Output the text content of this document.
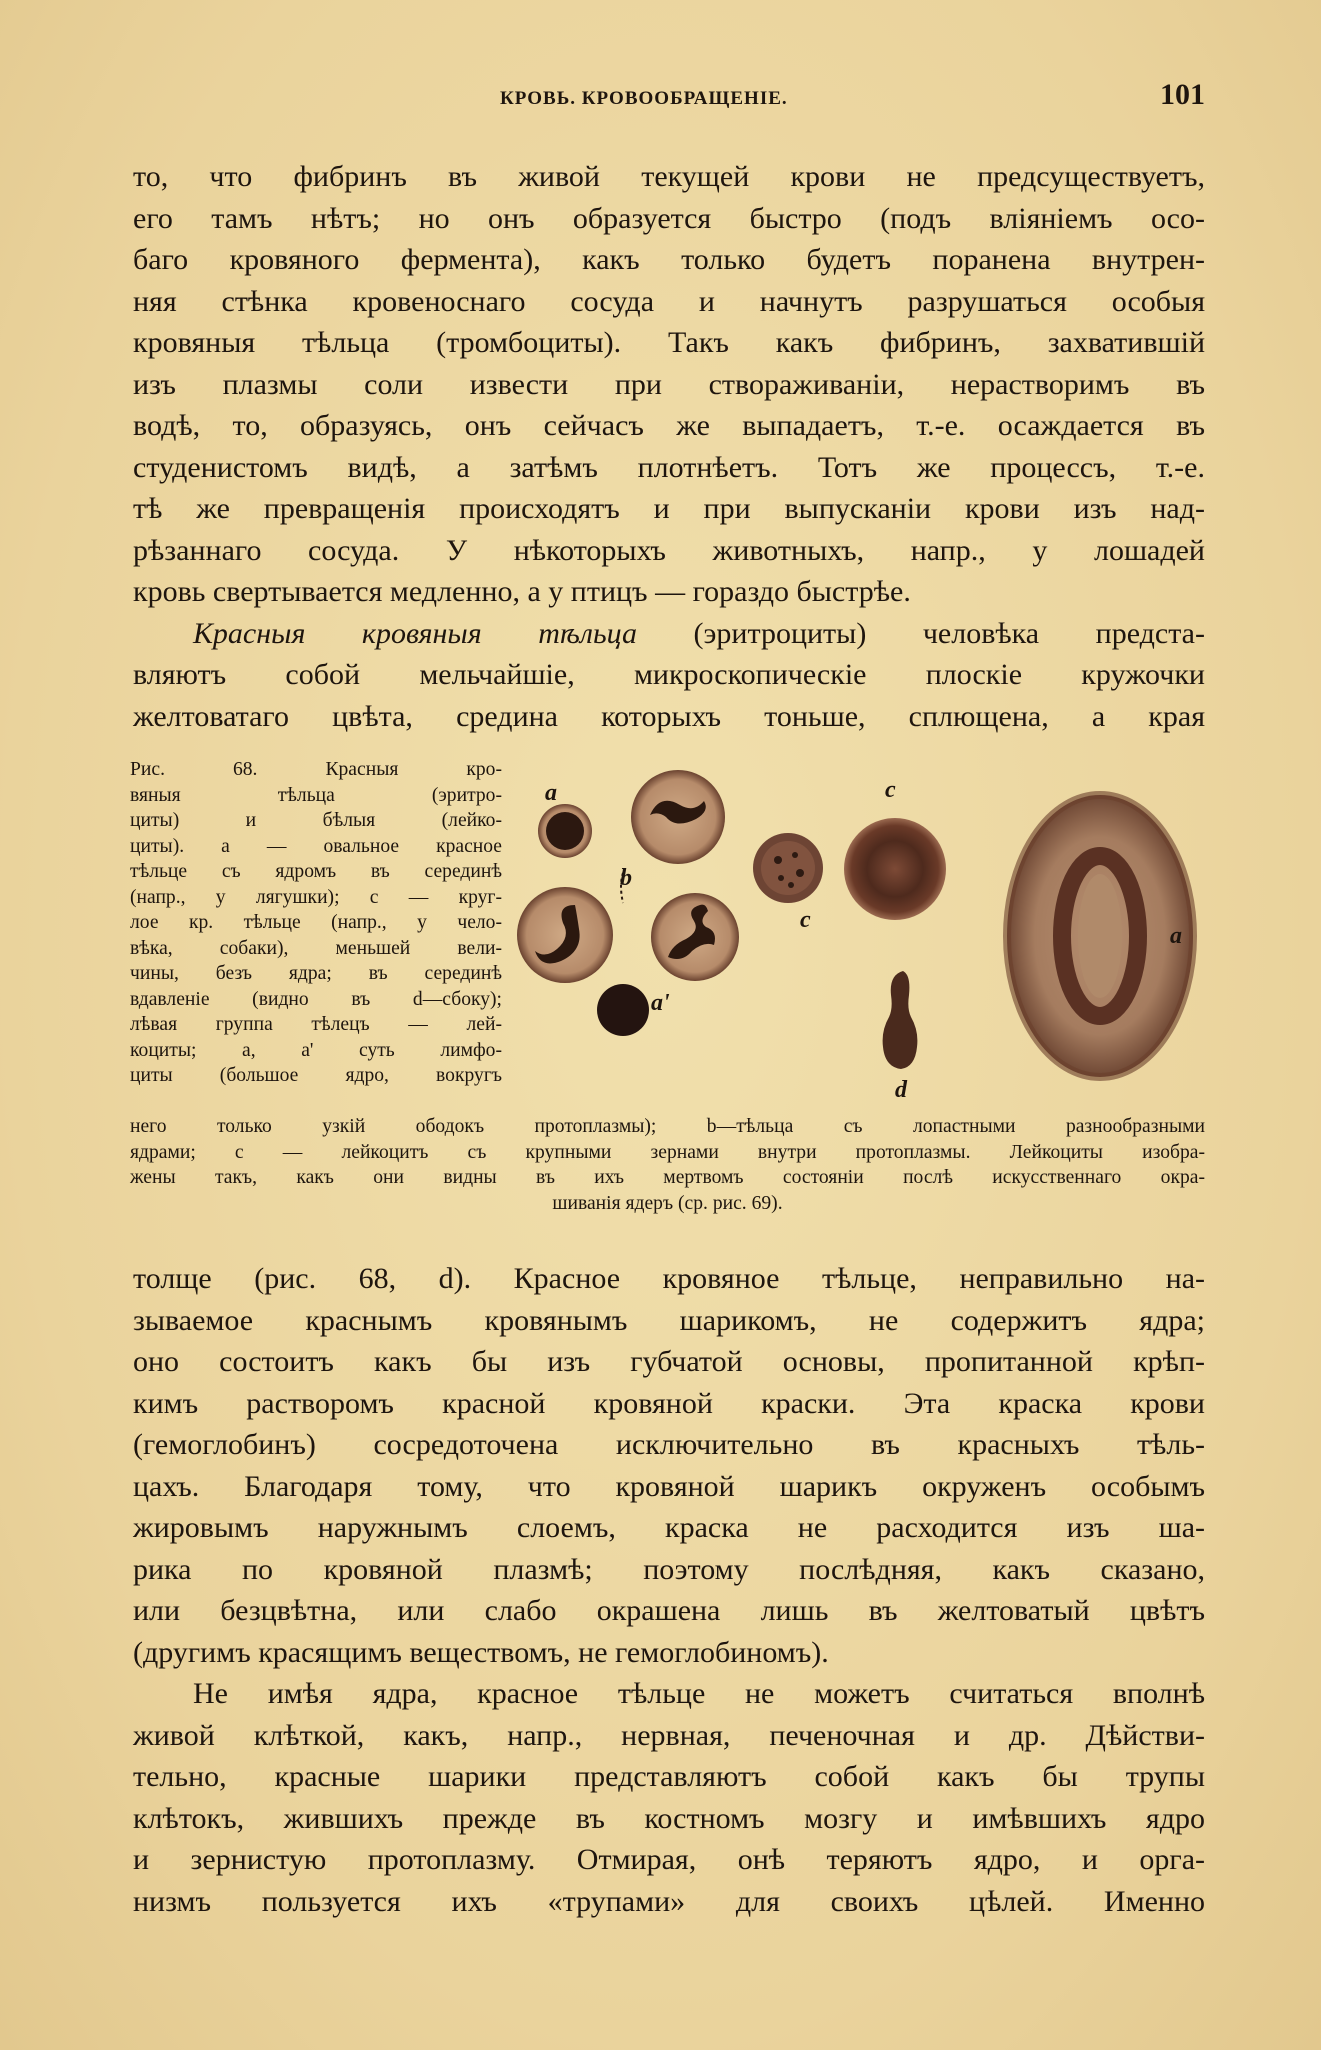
КРОВЬ. КРОВООБРАЩЕНІЕ.	101
то, что фибринъ въ живой текущей крови не предсуществуетъ,
его тамъ нѣтъ; но онъ образуется быстро (подъ вліяніемъ осо-
баго кровяного фермента), какъ только будетъ поранена внутрен-
няя стѣнка кровеноснаго сосуда и начнутъ разрушаться особыя
кровяныя тѣльца (тромбоциты). Такъ какъ фибринъ, захватившій
изъ плазмы соли извести при створаживаніи, нерастворимъ въ
водѣ, то, образуясь, онъ сейчасъ же выпадаетъ, т.-е. осаждается въ
студенистомъ видѣ, а затѣмъ плотнѣетъ. Тотъ же процессъ, т.-е.
тѣ же превращенія происходятъ и при выпусканіи крови изъ над-
рѣзаннаго сосуда. У нѣкоторыхъ животныхъ, напр., у лошадей
кровь свертывается медленно, а у птицъ — гораздо быстрѣе.
Красныя кровяныя тѣльца (эритроциты) человѣка предста-
вляютъ собой мельчайшіе, микроскопическіе плоскіе кружочки
желтоватаго цвѣта, средина которыхъ тоньше, сплющена, а края
Рис. 68. Красныя кро-
вяныя тѣльца (эритро-
циты) и бѣлыя (лейко-
циты). а — овальное красное
тѣльце съ ядромъ въ серединѣ
(напр., у лягушки); с — круг-
лое кр. тѣльце (напр., у чело-
вѣка, собаки), меньшей вели-
чины, безъ ядра; въ серединѣ
вдавленіе (видно въ d—сбоку);
лѣвая группа тѣлецъ — лей-
коциты; а, а' суть лимфо-
циты (большое ядро, вокругъ
a
b
c
c
a
a'
d
него только узкій ободокъ протоплазмы); b—тѣльца съ лопастными разнообразными
ядрами; с — лейкоцитъ съ крупными зернами внутри протоплазмы. Лейкоциты изобра-
жены такъ, какъ они видны въ ихъ мертвомъ состояніи послѣ искусственнаго окра-
шиванія ядеръ (ср. рис. 69).
толще (рис. 68, d). Красное кровяное тѣльце, неправильно на-
зываемое краснымъ кровянымъ шарикомъ, не содержитъ ядра;
оно состоитъ какъ бы изъ губчатой основы, пропитанной крѣп-
кимъ растворомъ красной кровяной краски. Эта краска крови
(гемоглобинъ) сосредоточена исключительно въ красныхъ тѣль-
цахъ. Благодаря тому, что кровяной шарикъ окруженъ особымъ
жировымъ наружнымъ слоемъ, краска не расходится изъ ша-
рика по кровяной плазмѣ; поэтому послѣдняя, какъ сказано,
или безцвѣтна, или слабо окрашена лишь въ желтоватый цвѣтъ
(другимъ красящимъ веществомъ, не гемоглобиномъ).
Не имѣя ядра, красное тѣльце не можетъ считаться вполнѣ
живой клѣткой, какъ, напр., нервная, печеночная и др. Дѣйстви-
тельно, красные шарики представляютъ собой какъ бы трупы
клѣтокъ, жившихъ прежде въ костномъ мозгу и имѣвшихъ ядро
и зернистую протоплазму. Отмирая, онѣ теряютъ ядро, и орга-
низмъ пользуется ихъ «трупами» для своихъ цѣлей. Именно
